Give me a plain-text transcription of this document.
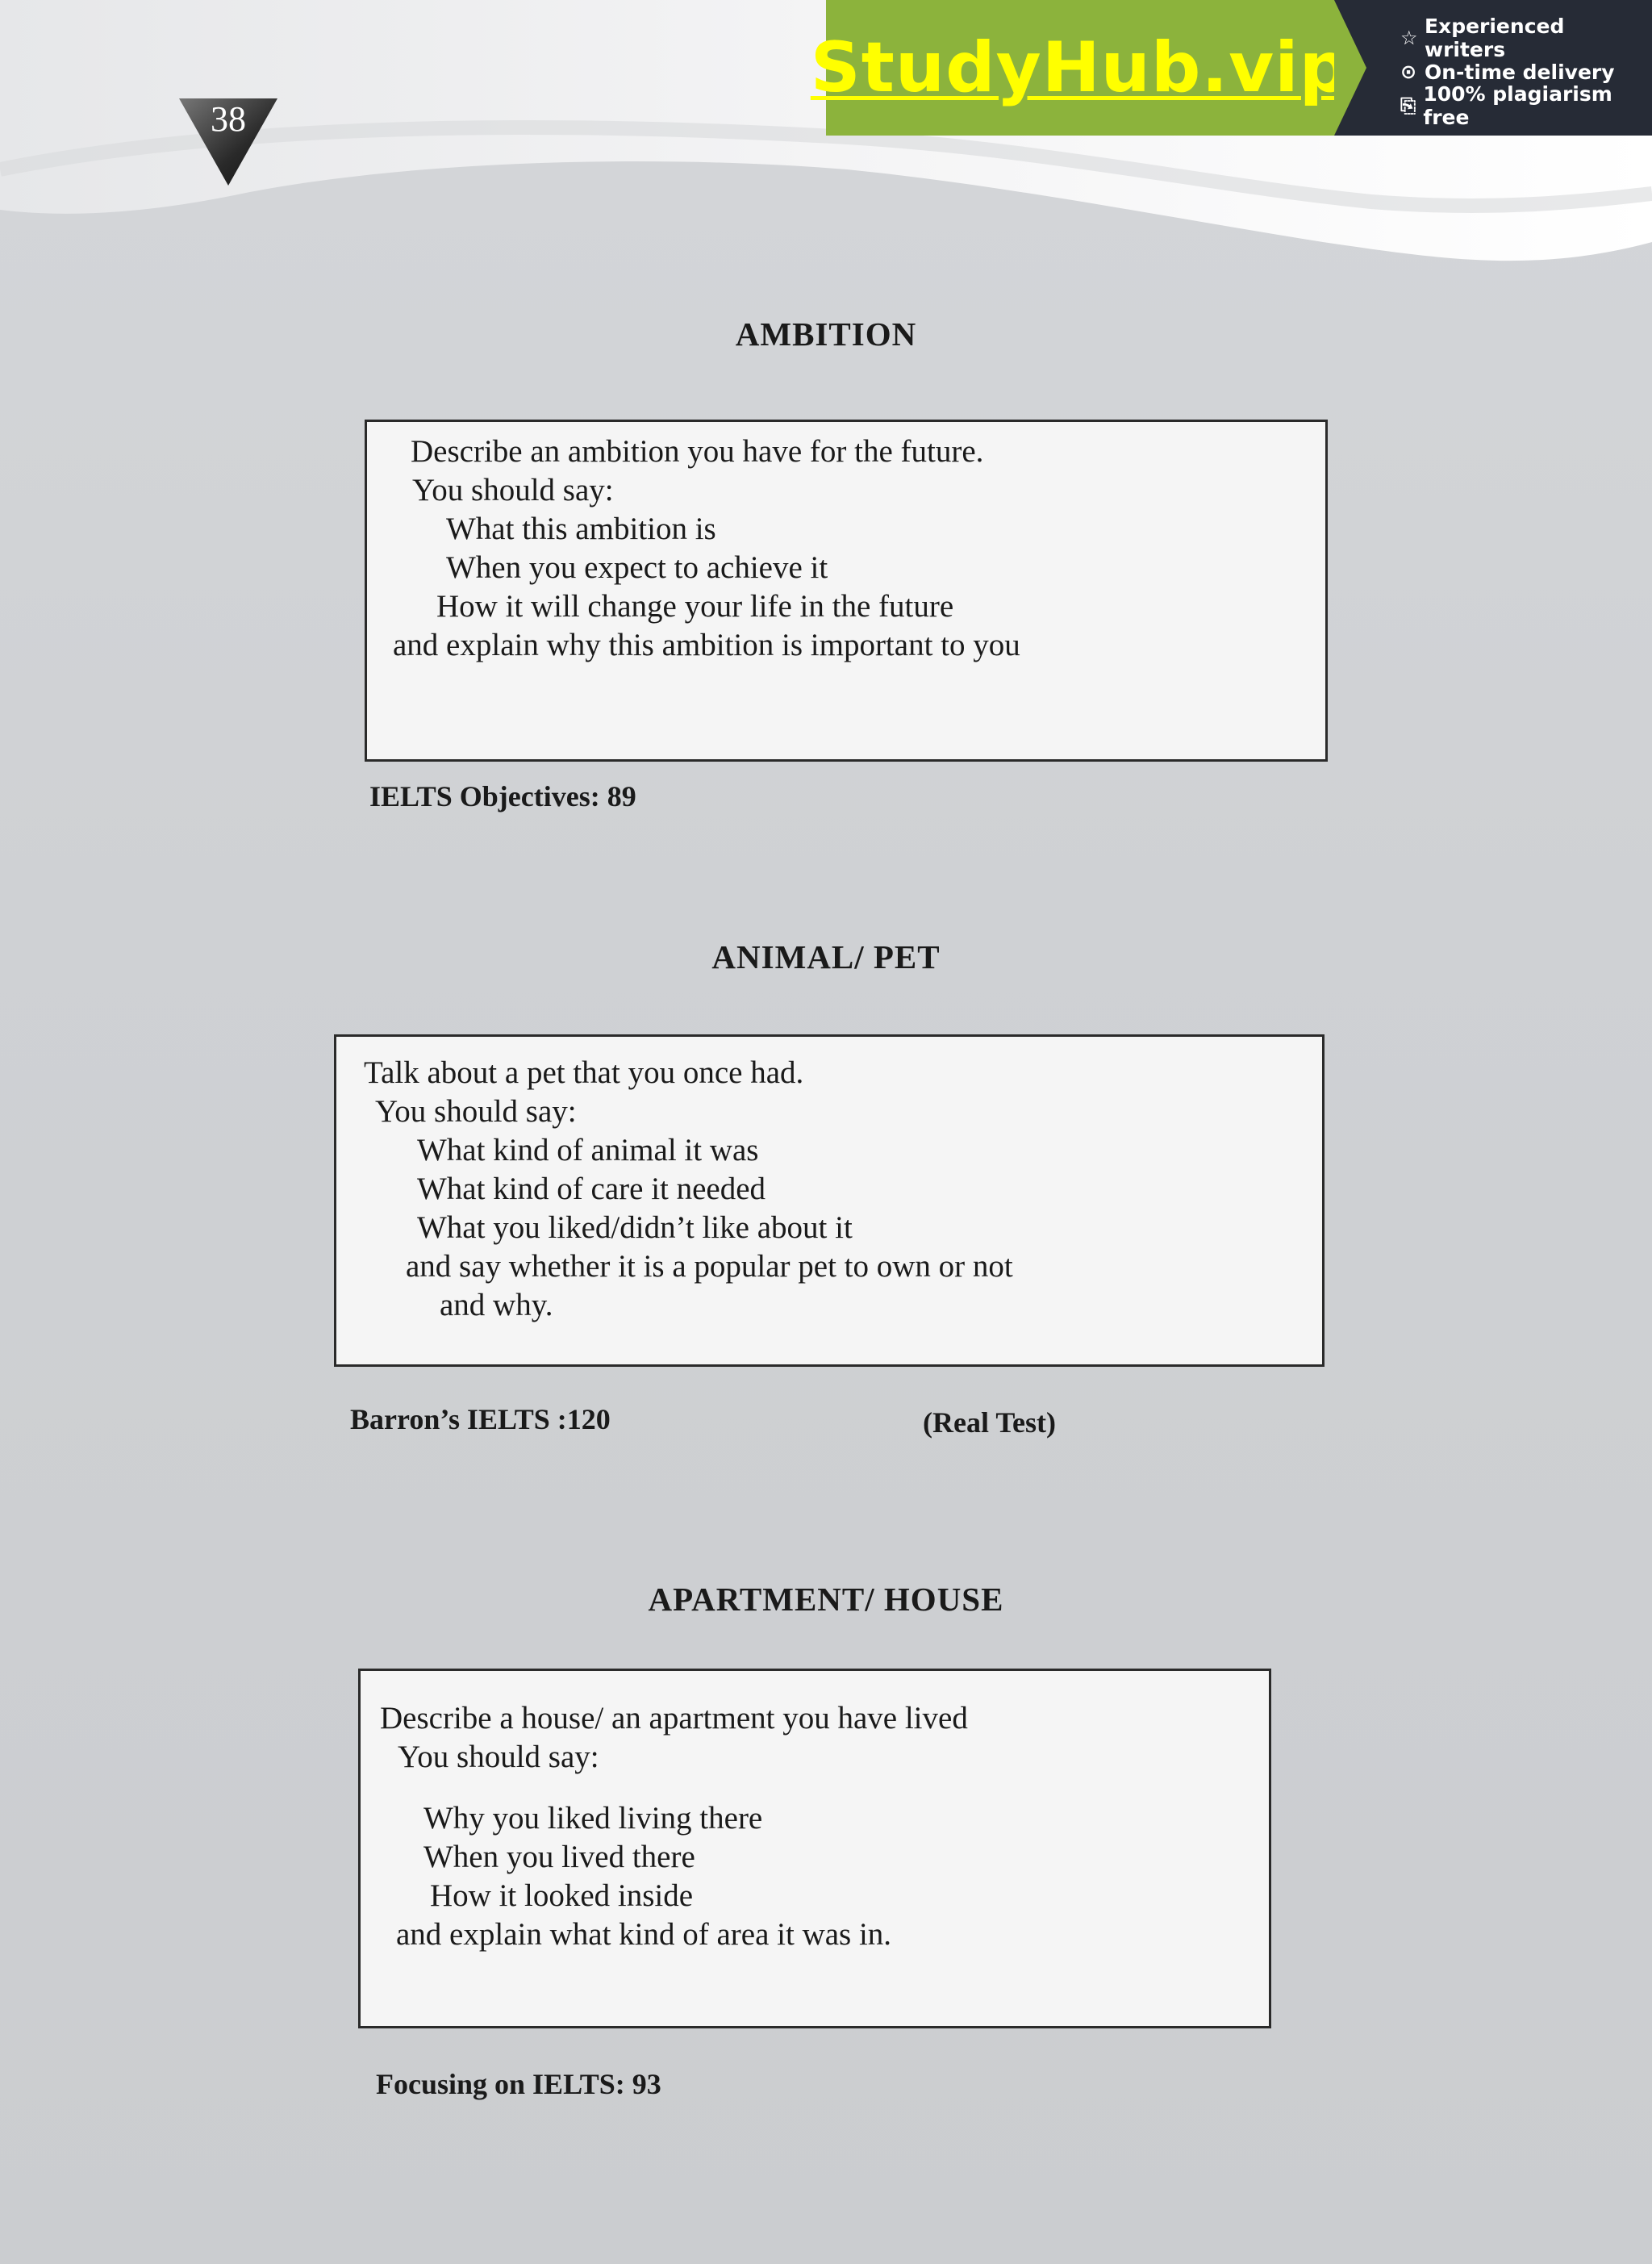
38
StudyHub.vip	☆ Experienced writers
⊙ On-time delivery
⎘ 100% plagiarism free
AMBITION
Describe an ambition you have for the future.
You should say:
What this ambition is
When you expect to achieve it
How it will change your life in the future
and explain why this ambition is important to you
IELTS Objectives: 89
ANIMAL/ PET
Talk about a pet that you once had.
You should say:
What kind of animal it was
What kind of care it needed
What you liked/didn’t like about it
and say whether it is a popular pet to own or not
and why.
Barron’s IELTS :120	(Real Test)
APARTMENT/ HOUSE
Describe a house/ an apartment you have lived
You should say:
Why you liked living there
When you lived there
How it looked inside
and explain what kind of area it was in.
Focusing on IELTS: 93
